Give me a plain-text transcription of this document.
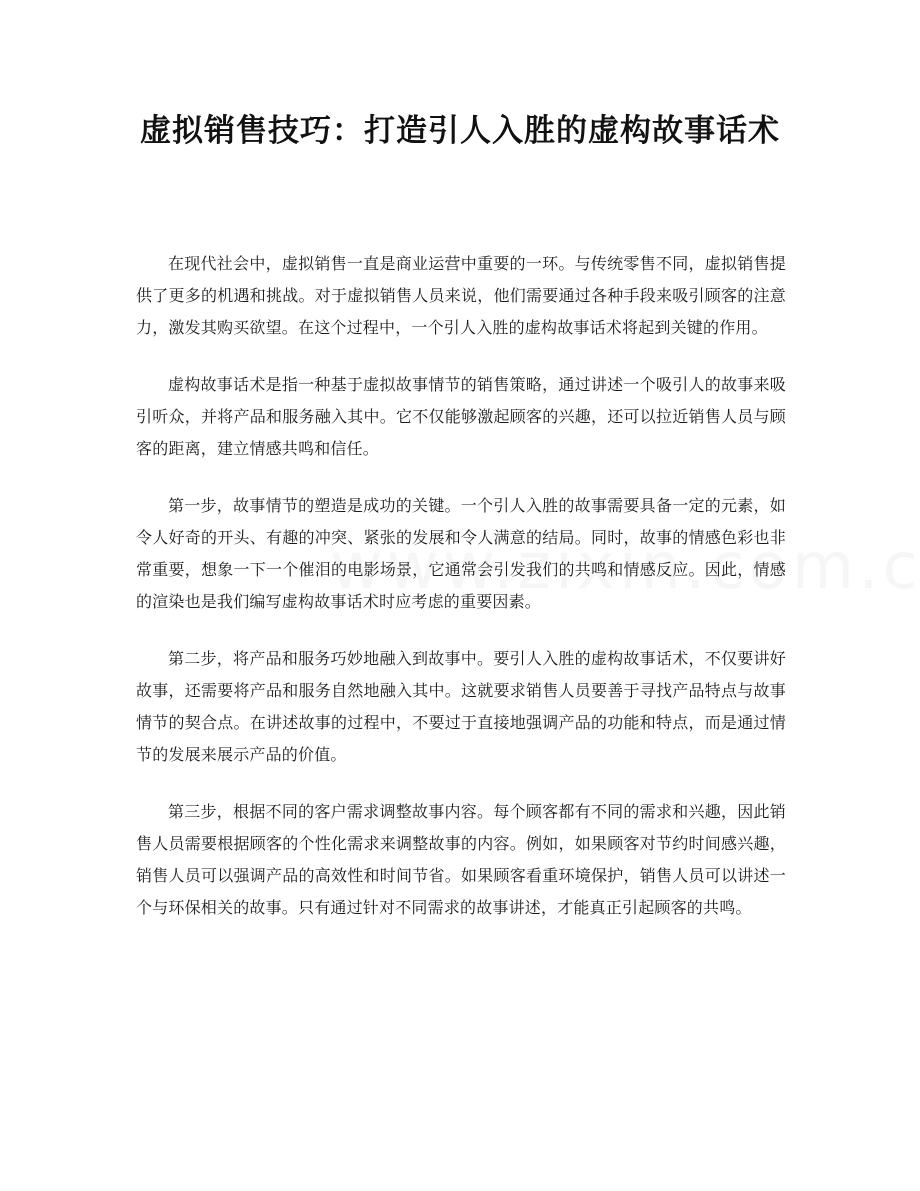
虚拟销售技巧：打造引人入胜的虚构故事话术

在现代社会中，虚拟销售一直是商业运营中重要的一环。与传统零售不同，虚拟销售提供了更多的机遇和挑战。对于虚拟销售人员来说，他们需要通过各种手段来吸引顾客的注意力，激发其购买欲望。在这个过程中，一个引人入胜的虚构故事话术将起到关键的作用。

虚构故事话术是指一种基于虚拟故事情节的销售策略，通过讲述一个吸引人的故事来吸引听众，并将产品和服务融入其中。它不仅能够激起顾客的兴趣，还可以拉近销售人员与顾客的距离，建立情感共鸣和信任。

第一步，故事情节的塑造是成功的关键。一个引人入胜的故事需要具备一定的元素，如令人好奇的开头、有趣的冲突、紧张的发展和令人满意的结局。同时，故事的情感色彩也非常重要，想象一下一个催泪的电影场景，它通常会引发我们的共鸣和情感反应。因此，情感的渲染也是我们编写虚构故事话术时应考虑的重要因素。

第二步，将产品和服务巧妙地融入到故事中。要引人入胜的虚构故事话术，不仅要讲好故事，还需要将产品和服务自然地融入其中。这就要求销售人员要善于寻找产品特点与故事情节的契合点。在讲述故事的过程中，不要过于直接地强调产品的功能和特点，而是通过情节的发展来展示产品的价值。

第三步，根据不同的客户需求调整故事内容。每个顾客都有不同的需求和兴趣，因此销售人员需要根据顾客的个性化需求来调整故事的内容。例如，如果顾客对节约时间感兴趣，销售人员可以强调产品的高效性和时间节省。如果顾客看重环境保护，销售人员可以讲述一个与环保相关的故事。只有通过针对不同需求的故事讲述，才能真正引起顾客的共鸣。
